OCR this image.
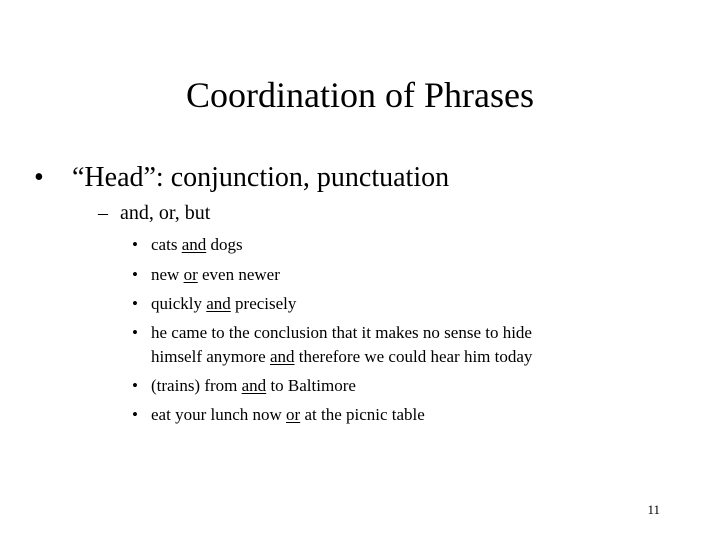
Coordination of Phrases
• “Head”: conjunction, punctuation
– and, or, but
• cats and dogs
• new or even newer
• quickly and precisely
• he came to the conclusion that it makes no sense to hide
himself anymore and therefore we could hear him today
• (trains) from and to Baltimore
• eat your lunch now or at the picnic table
11
